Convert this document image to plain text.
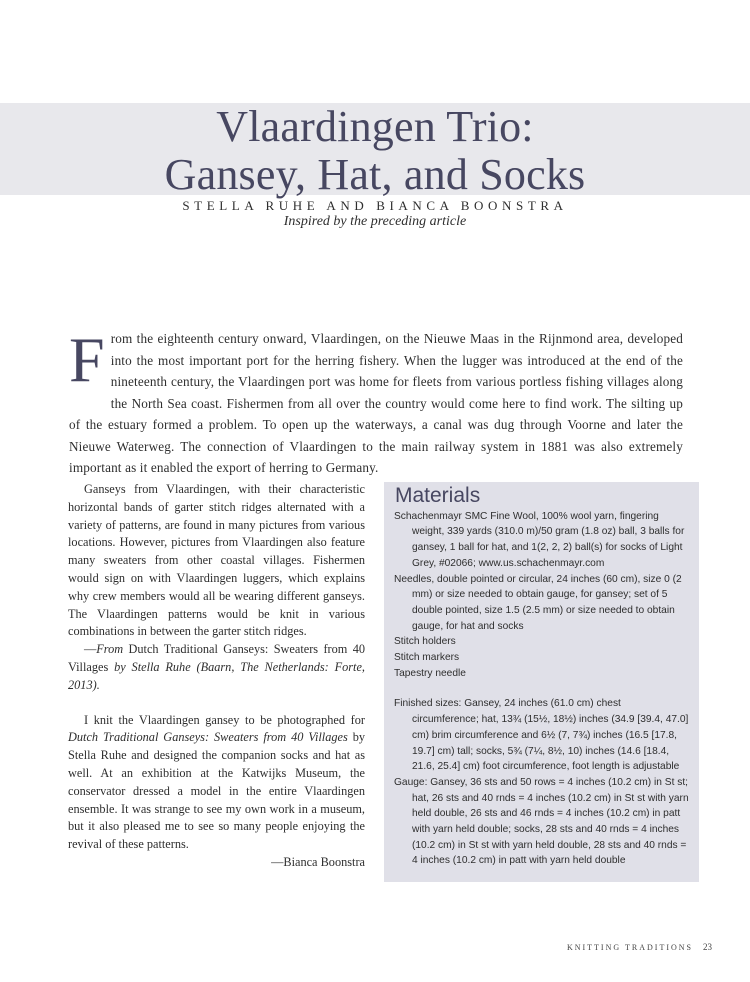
Vlaardingen Trio:
Gansey, Hat, and Socks
STELLA RUHE AND BIANCA BOONSTRA
Inspired by the preceding article
From the eighteenth century onward, Vlaardingen, on the Nieuwe Maas in the Rijnmond area, developed into the most important port for the herring fishery. When the lugger was introduced at the end of the nineteenth century, the Vlaardingen port was home for fleets from various portless fishing villages along the North Sea coast. Fishermen from all over the country would come here to find work. The silting up of the estuary formed a problem. To open up the waterways, a canal was dug through Voorne and later the Nieuwe Waterweg. The connection of Vlaardingen to the main railway system in 1881 was also extremely important as it enabled the export of herring to Germany.

Ganseys from Vlaardingen, with their characteristic horizontal bands of garter stitch ridges alternated with a variety of patterns, are found in many pictures from various locations. However, pictures from Vlaardingen also feature many sweaters from other coastal villages. Fishermen would sign on with Vlaardingen luggers, which explains why crew members would all be wearing different ganseys. The Vlaardingen patterns would be knit in various combinations in between the garter stitch ridges.

—From Dutch Traditional Ganseys: Sweaters from 40 Villages by Stella Ruhe (Baarn, The Netherlands: Forte, 2013).

I knit the Vlaardingen gansey to be photographed for Dutch Traditional Ganseys: Sweaters from 40 Villages by Stella Ruhe and designed the companion socks and hat as well. At an exhibition at the Katwijks Museum, the conservator dressed a model in the entire Vlaardingen ensemble. It was strange to see my own work in a museum, but it also pleased me to see so many people enjoying the revival of these patterns.

—Bianca Boonstra

Materials

Schachenmayr SMC Fine Wool, 100% wool yarn, fingering weight, 339 yards (310.0 m)/50 gram (1.8 oz) ball, 3 balls for gansey, 1 ball for hat, and 1(2, 2, 2) ball(s) for socks of Light Grey, #02066; www.us.schachenmayr.com

Needles, double pointed or circular, 24 inches (60 cm), size 0 (2 mm) or size needed to obtain gauge, for gansey; set of 5 double pointed, size 1.5 (2.5 mm) or size needed to obtain gauge, for hat and socks

Stitch holders

Stitch markers

Tapestry needle

Finished sizes: Gansey, 24 inches (61.0 cm) chest circumference; hat, 13¾ (15½, 18½) inches (34.9 [39.4, 47.0] cm) brim circumference and 6½ (7, 7¾) inches (16.5 [17.8, 19.7] cm) tall; socks, 5¾ (7¼, 8½, 10) inches (14.6 [18.4, 21.6, 25.4] cm) foot circumference, foot length is adjustable

Gauge: Gansey, 36 sts and 50 rows = 4 inches (10.2 cm) in St st; hat, 26 sts and 40 rnds = 4 inches (10.2 cm) in St st with yarn held double, 26 sts and 46 rnds = 4 inches (10.2 cm) in patt with yarn held double; socks, 28 sts and 40 rnds = 4 inches (10.2 cm) in St st with yarn held double, 28 sts and 40 rnds = 4 inches (10.2 cm) in patt with yarn held double

KNITTING TRADITIONS 23
